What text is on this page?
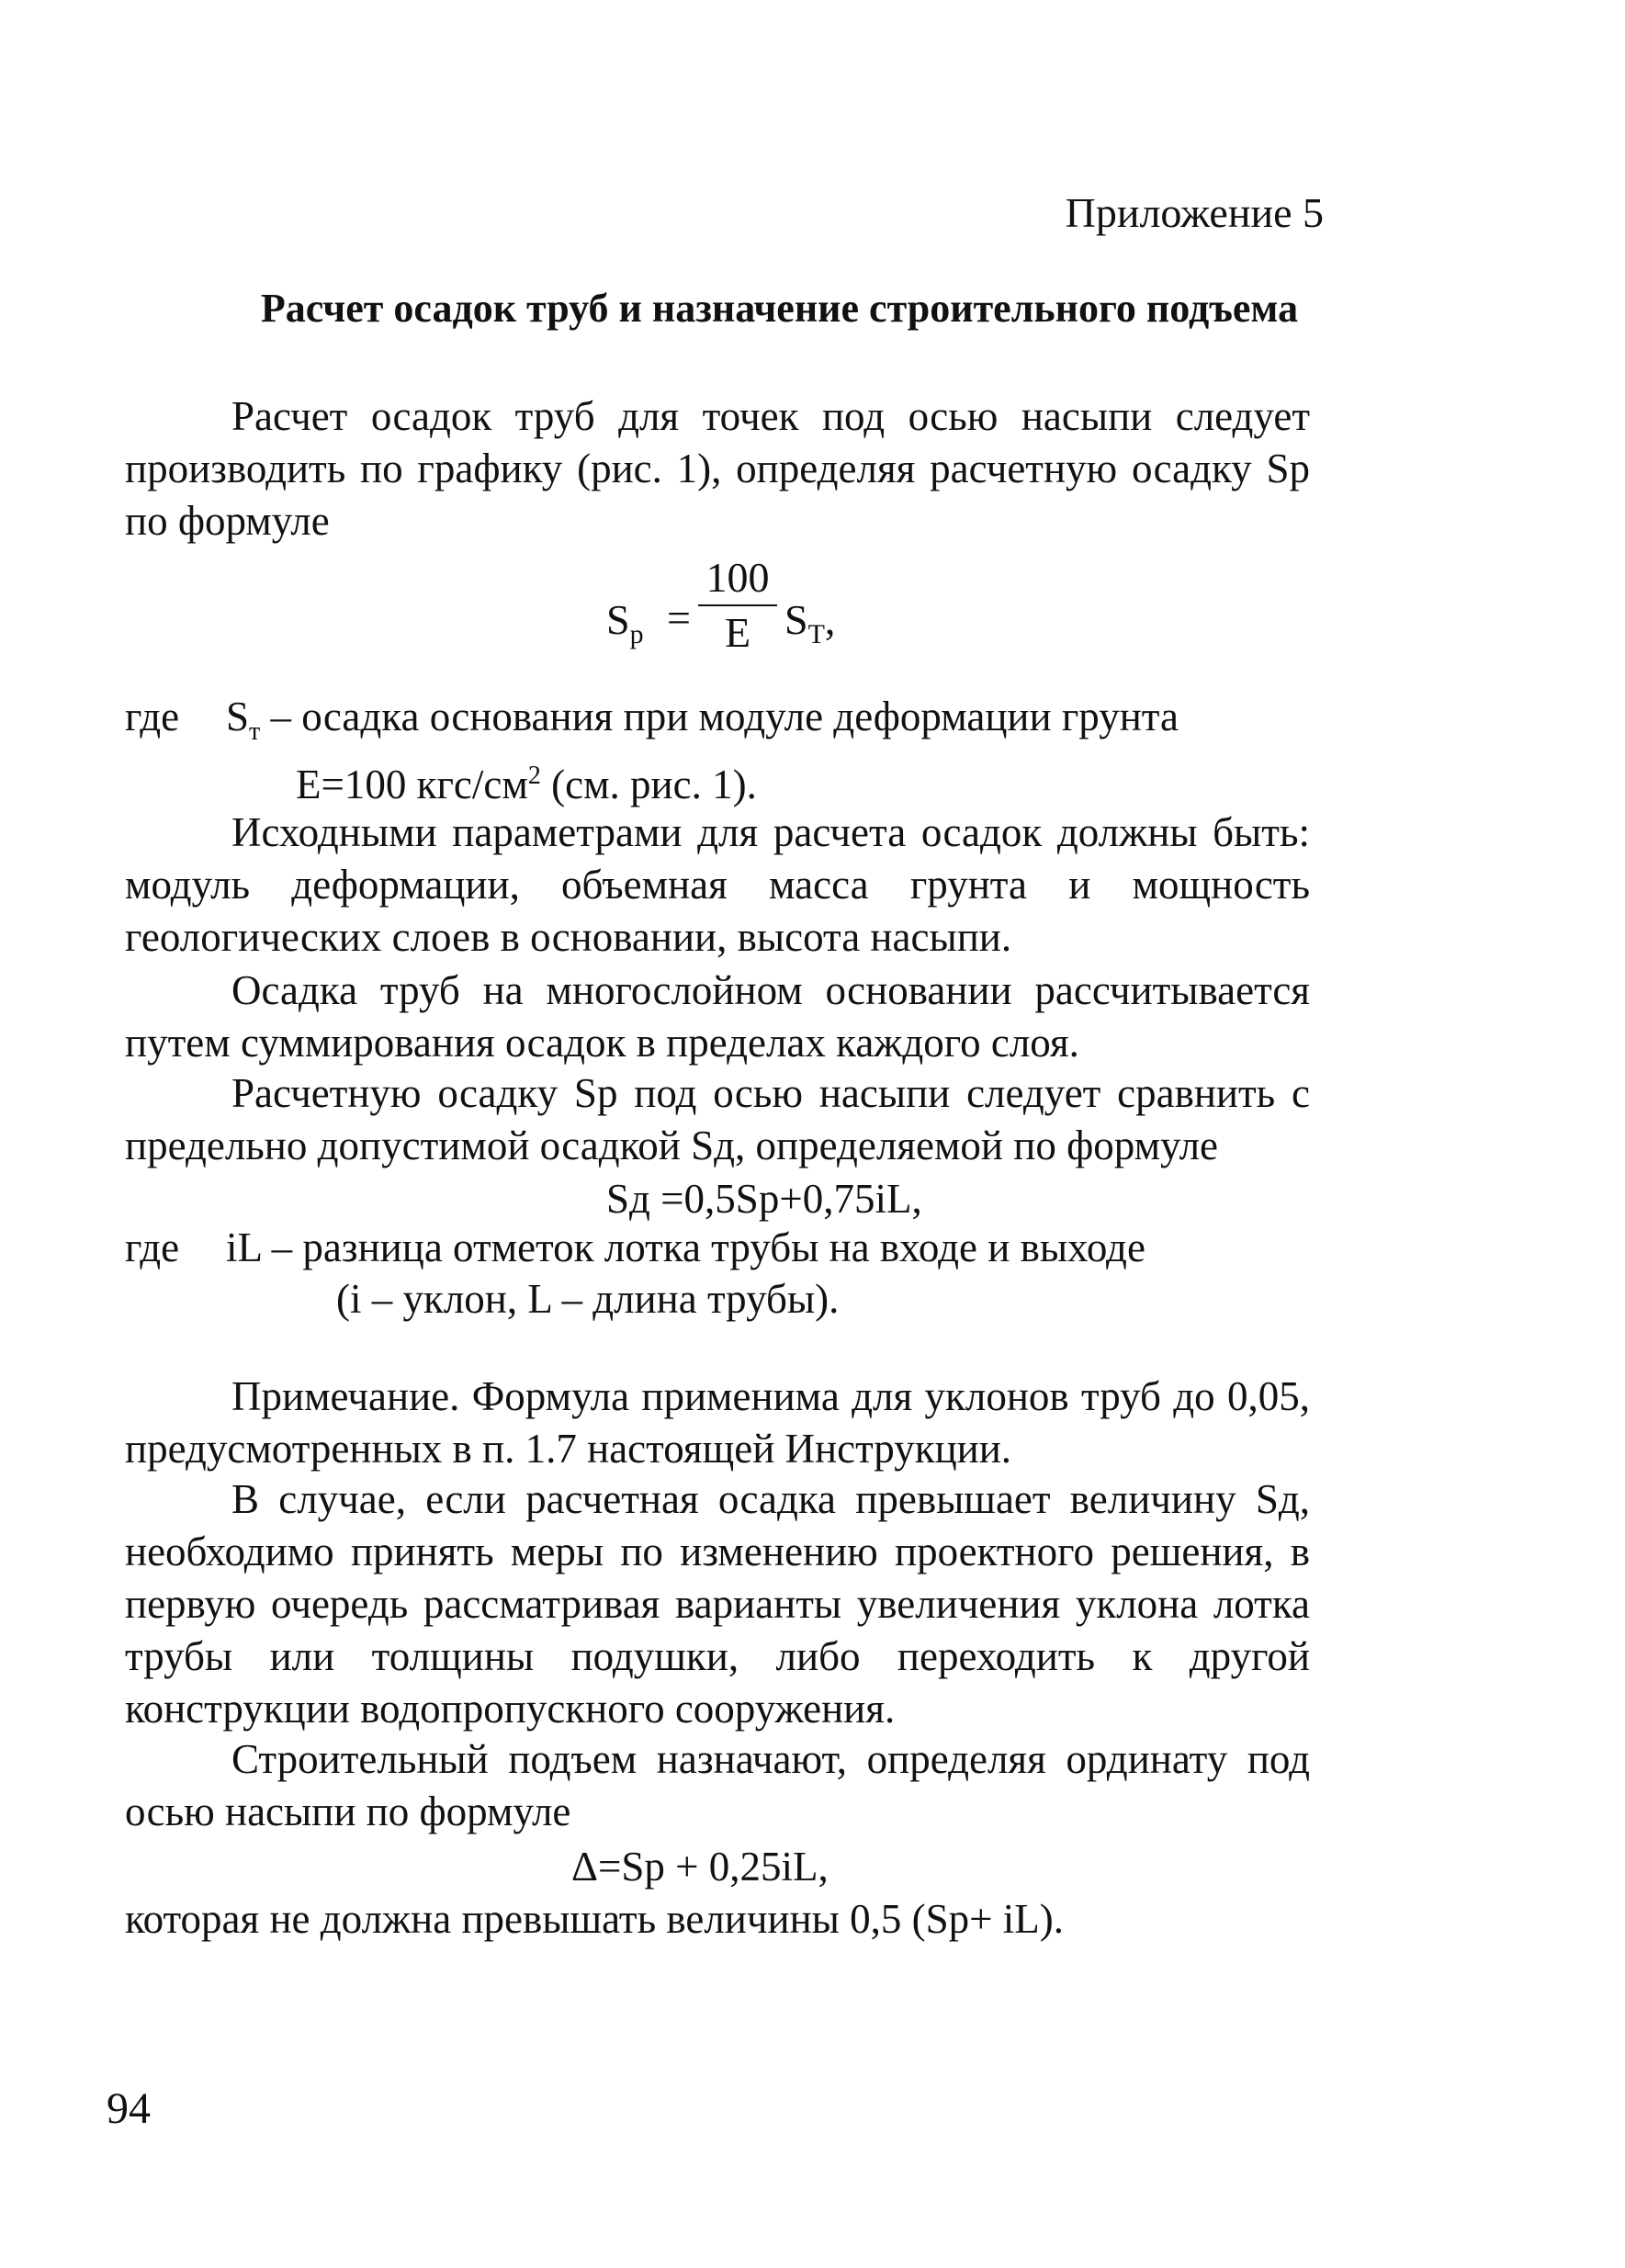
Приложение 5
Расчет осадок труб и назначение строительного подъема
Расчет осадок труб для точек под осью насыпи следует производить по графику (рис. 1), определяя расчетную осадку Sp по формуле
$S_р$ =
100
E $S_T$,
где $S_т$ – осадка основания при модуле деформации грунта
E=100 кгс/$см^2$ (см. рис. 1).
Исходными параметрами для расчета осадок должны быть: модуль деформации, объемная масса грунта и мощность геологических слоев в основании, высота насыпи.
Осадка труб на многослойном основании рассчитывается путем суммирования осадок в пределах каждого слоя.
Расчетную осадку Sp под осью насыпи следует сравнить с предельно допустимой осадкой Sд, определяемой по формуле
Sд =0,5Sp+0,75iL,
где iL – разница отметок лотка трубы на входе и выходе
(i – уклон, L – длина трубы).
Примечание. Формула применима для уклонов труб до 0,05, предусмотренных в п. 1.7 настоящей Инструкции.
В случае, если расчетная осадка превышает величину Sд, необходимо принять меры по изменению проектного решения, в первую очередь рассматривая варианты увеличения уклона лотка трубы или толщины подушки, либо переходить к другой конструкции водопропускного сооружения.
Строительный подъем назначают, определяя ординату под осью насыпи по формуле
Δ=Sp + 0,25iL,
которая не должна превышать величины 0,5 (Sp+ iL).
94
